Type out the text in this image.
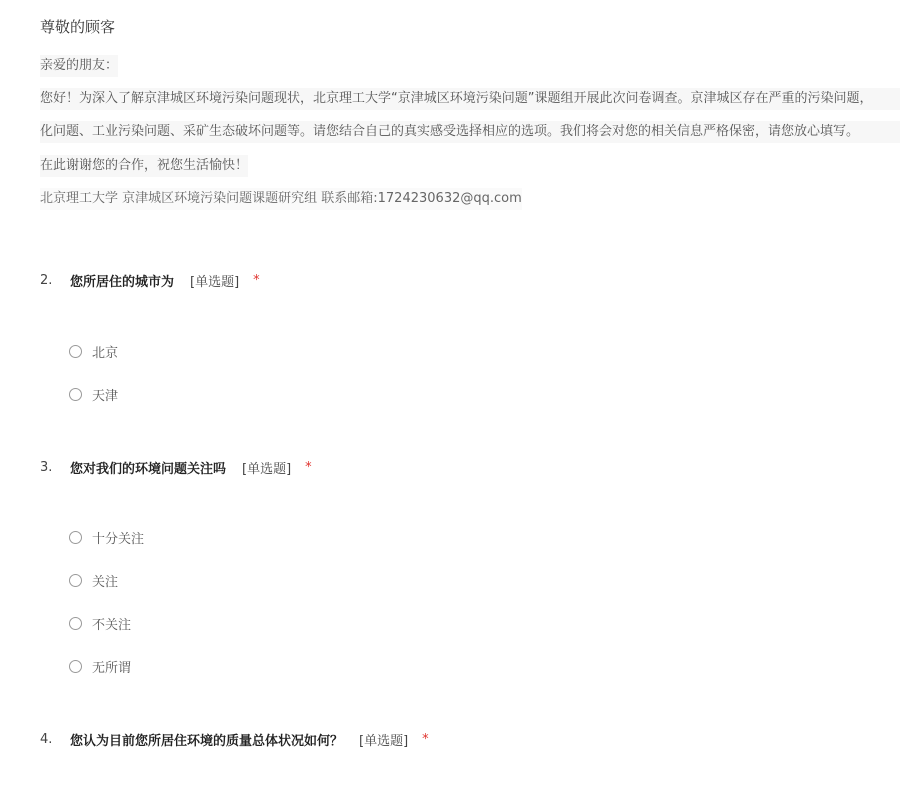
尊敬的顾客
亲爱的朋友：
您好！为深入了解京津城区环境污染问题现状，北京理工大学“京津城区环境污染问题”课题组开展此次问卷调查。京津城区存在严重的污染问题，
化问题、工业污染问题、采矿生态破坏问题等。请您结合自己的真实感受选择相应的选项。我们将会对您的相关信息严格保密，请您放心填写。
在此谢谢您的合作，祝您生活愉快！
北京理工大学 京津城区环境污染问题课题研究组 联系邮箱:1724230632@qq.com
2.	您所居住的城市为 [单选题] *
北京
天津
3.	您对我们的环境问题关注吗 [单选题] *
十分关注
关注
不关注
无所谓
4.	您认为目前您所居住环境的质量总体状况如何？ [单选题] *
